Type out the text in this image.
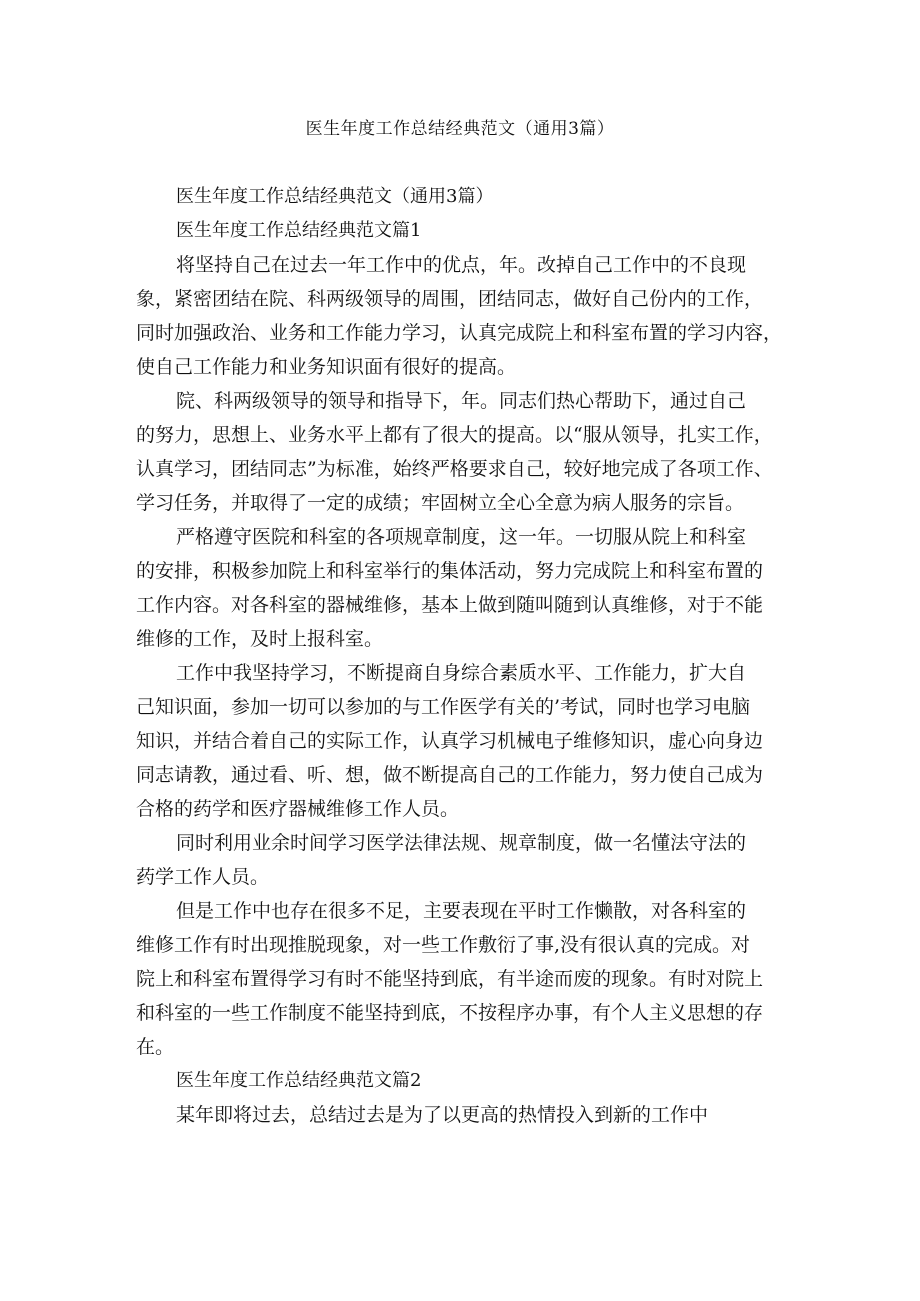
医生年度工作总结经典范文（通用3篇）
医生年度工作总结经典范文（通用3篇）
医生年度工作总结经典范文篇1
将坚持自己在过去一年工作中的优点，年。改掉自己工作中的不良现
象，紧密团结在院、科两级领导的周围，团结同志，做好自己份内的工作，
同时加强政治、业务和工作能力学习，认真完成院上和科室布置的学习内容，
使自己工作能力和业务知识面有很好的提高。
院、科两级领导的领导和指导下，年。同志们热心帮助下，通过自己
的努力，思想上、业务水平上都有了很大的提高。以“服从领导，扎实工作，
认真学习，团结同志”为标准，始终严格要求自己，较好地完成了各项工作、
学习任务，并取得了一定的成绩；牢固树立全心全意为病人服务的宗旨。
严格遵守医院和科室的各项规章制度，这一年。一切服从院上和科室
的安排，积极参加院上和科室举行的集体活动，努力完成院上和科室布置的
工作内容。对各科室的器械维修，基本上做到随叫随到认真维修，对于不能
维修的工作，及时上报科室。
工作中我坚持学习，不断提商自身综合素质水平、工作能力，扩大自
己知识面，参加一切可以参加的与工作医学有关的’考试，同时也学习电脑
知识，并结合着自己的实际工作，认真学习机械电子维修知识，虚心向身边
同志请教，通过看、听、想，做不断提高自己的工作能力，努力使自己成为
合格的药学和医疗器械维修工作人员。
同时利用业余时间学习医学法律法规、规章制度，做一名懂法守法的
药学工作人员。
但是工作中也存在很多不足，主要表现在平时工作懒散，对各科室的
维修工作有时出现推脱现象，对一些工作敷衍了事,没有很认真的完成。对
院上和科室布置得学习有时不能坚持到底，有半途而废的现象。有时对院上
和科室的一些工作制度不能坚持到底，不按程序办事，有个人主义思想的存
在。
医生年度工作总结经典范文篇2
某年即将过去，总结过去是为了以更高的热情投入到新的工作中
